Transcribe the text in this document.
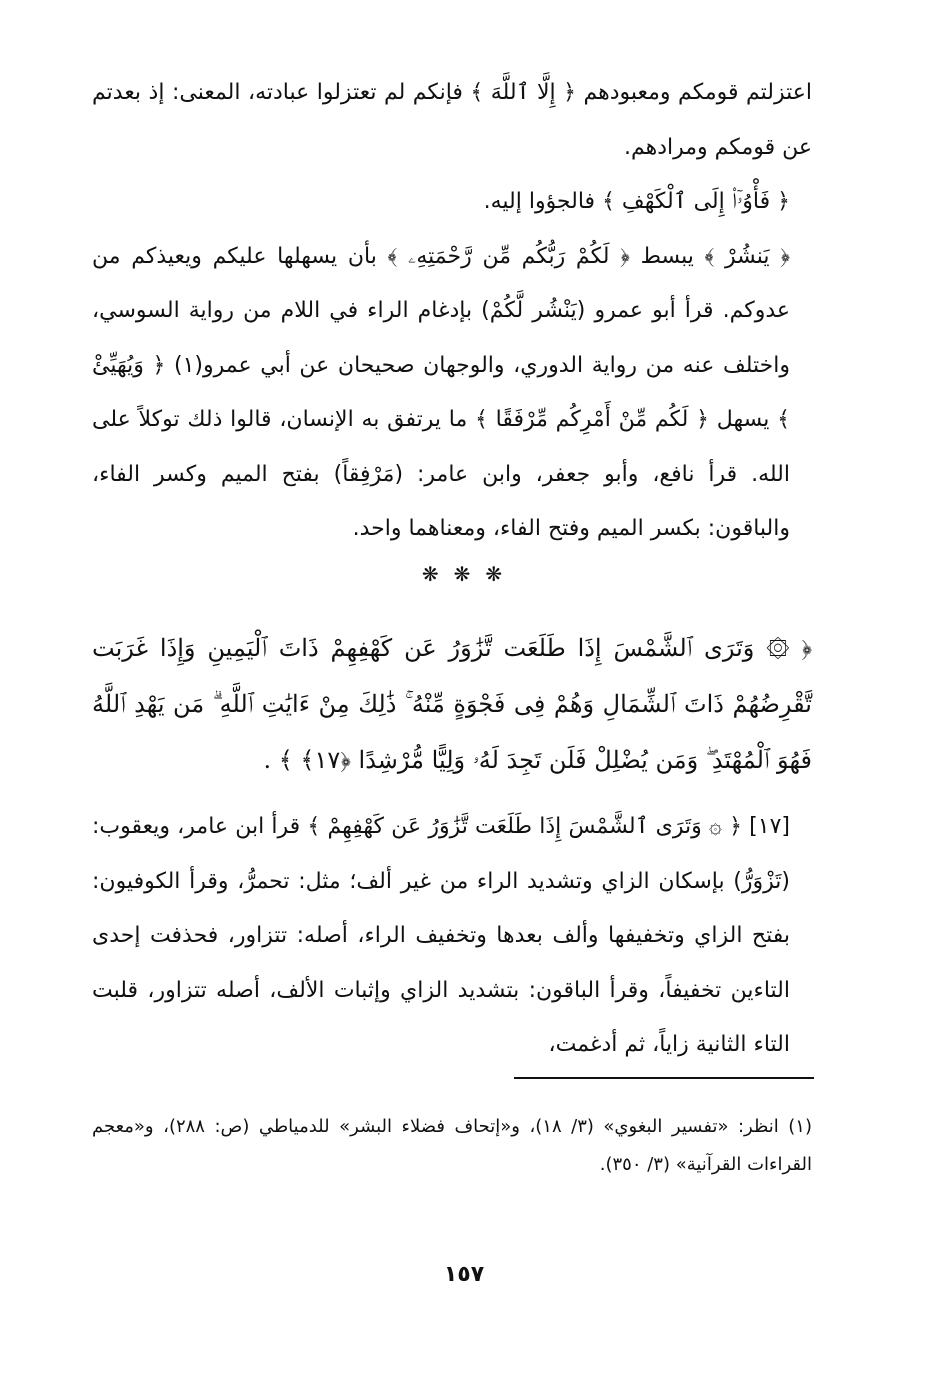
اعتزلتم قومكم ومعبودهم ﴿ إِلَّا ٱللَّهَ ﴾ فإنكم لم تعتزلوا عبادته، المعنى: إذ بعدتم عن قومكم ومرادهم.

﴿ فَأْوُۥٓا۟ إِلَى ٱلْكَهْفِ ﴾ فالجؤوا إليه.

﴿ يَنشُرْ ﴾ يبسط ﴿ لَكُمْ رَبُّكُم مِّن رَّحْمَتِهِۦ ﴾ بأن يسهلها عليكم ويعيذكم من عدوكم. قرأ أبو عمرو (يَنْشُر لَّكُمْ) بإدغام الراء في اللام من رواية السوسي، واختلف عنه من رواية الدوري، والوجهان صحيحان عن أبي عمرو(١) ﴿ وَيُهَيِّئْ ﴾ يسهل ﴿ لَكُم مِّنْ أَمْرِكُم مِّرْفَقًا ﴾ ما يرتفق به الإنسان، قالوا ذلك توكلاً على الله. قرأ نافع، وأبو جعفر، وابن عامر: (مَرْفِقاً) بفتح الميم وكسر الفاء، والباقون: بكسر الميم وفتح الفاء، ومعناهما واحد.

❋ ❋ ❋
﴿ ۞ وَتَرَى ٱلشَّمْسَ إِذَا طَلَعَت تَّزَٰوَرُ عَن كَهْفِهِمْ ذَاتَ ٱلْيَمِينِ وَإِذَا غَرَبَت تَّقْرِضُهُمْ ذَاتَ ٱلشِّمَالِ وَهُمْ فِى فَجْوَةٍ مِّنْهُ ۚ ذَٰلِكَ مِنْ ءَايَٰتِ ٱللَّهِ ۗ مَن يَهْدِ ٱللَّهُ فَهُوَ ٱلْمُهْتَدِ ۖ وَمَن يُضْلِلْ فَلَن تَجِدَ لَهُۥ وَلِيًّا مُّرْشِدًا ﴿١٧﴾ ﴾ .

[١٧] ﴿ ۞ وَتَرَى ٱلشَّمْسَ إِذَا طَلَعَت تَّزَٰوَرُ عَن كَهْفِهِمْ ﴾ قرأ ابن عامر، ويعقوب: (تَزْوَرُّ) بإسكان الزاي وتشديد الراء من غير ألف؛ مثل: تحمرُّ، وقرأ الكوفيون: بفتح الزاي وتخفيفها وألف بعدها وتخفيف الراء، أصله: تتزاور، فحذفت إحدى التاءين تخفيفاً، وقرأ الباقون: بتشديد الزاي وإثبات الألف، أصله تتزاور، قلبت التاء الثانية زاياً، ثم أدغمت،

(١) انظر: «تفسير البغوي» (٣/ ١٨)، و«إتحاف فضلاء البشر» للدمياطي (ص: ٢٨٨)، و«معجم القراءات القرآنية» (٣/ ٣٥٠).

١٥٧
